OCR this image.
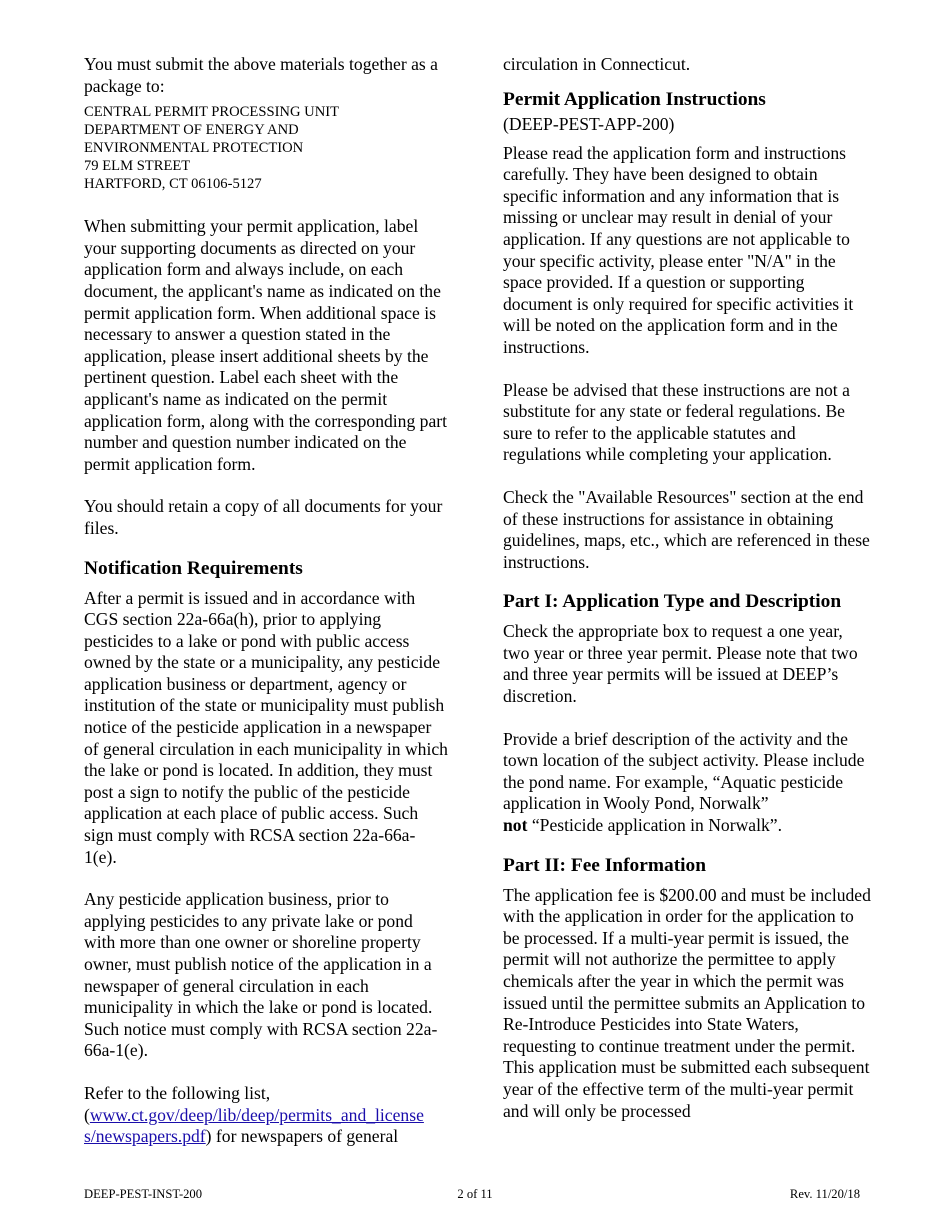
You must submit the above materials together as a package to:

CENTRAL PERMIT PROCESSING UNIT
DEPARTMENT OF ENERGY AND
ENVIRONMENTAL PROTECTION
79 ELM STREET
HARTFORD, CT 06106-5127

When submitting your permit application, label your supporting documents as directed on your application form and always include, on each document, the applicant's name as indicated on the permit application form. When additional space is necessary to answer a question stated in the application, please insert additional sheets by the pertinent question. Label each sheet with the applicant's name as indicated on the permit application form, along with the corresponding part number and question number indicated on the permit application form.

You should retain a copy of all documents for your files.

Notification Requirements

After a permit is issued and in accordance with CGS section 22a-66a(h), prior to applying pesticides to a lake or pond with public access owned by the state or a municipality, any pesticide application business or department, agency or institution of the state or municipality must publish notice of the pesticide application in a newspaper of general circulation in each municipality in which the lake or pond is located. In addition, they must post a sign to notify the public of the pesticide application at each place of public access. Such sign must comply with RCSA section 22a-66a-1(e).

Any pesticide application business, prior to applying pesticides to any private lake or pond with more than one owner or shoreline property owner, must publish notice of the application in a newspaper of general circulation in each municipality in which the lake or pond is located. Such notice must comply with RCSA section 22a-66a-1(e).

Refer to the following list, (www.ct.gov/deep/lib/deep/permits_and_license
s/newspapers.pdf) for newspapers of general

circulation in Connecticut.

Permit Application Instructions
(DEEP-PEST-APP-200)

Please read the application form and instructions carefully. They have been designed to obtain specific information and any information that is missing or unclear may result in denial of your application. If any questions are not applicable to your specific activity, please enter "N/A" in the space provided. If a question or supporting document is only required for specific activities it will be noted on the application form and in the instructions.

Please be advised that these instructions are not a substitute for any state or federal regulations. Be sure to refer to the applicable statutes and regulations while completing your application.

Check the "Available Resources" section at the end of these instructions for assistance in obtaining guidelines, maps, etc., which are referenced in these instructions.

Part I: Application Type and Description

Check the appropriate box to request a one year, two year or three year permit. Please note that two and three year permits will be issued at DEEP’s discretion.

Provide a brief description of the activity and the town location of the subject activity. Please include the pond name. For example, “Aquatic pesticide application in Wooly Pond, Norwalk”
not “Pesticide application in Norwalk”.

Part II: Fee Information

The application fee is $200.00 and must be included with the application in order for the application to be processed. If a multi-year permit is issued, the permit will not authorize the permittee to apply chemicals after the year in which the permit was issued until the permittee submits an Application to Re-Introduce Pesticides into State Waters, requesting to continue treatment under the permit. This application must be submitted each subsequent year of the effective term of the multi-year permit and will only be processed

DEEP-PEST-INST-200	2 of 11	Rev. 11/20/18
